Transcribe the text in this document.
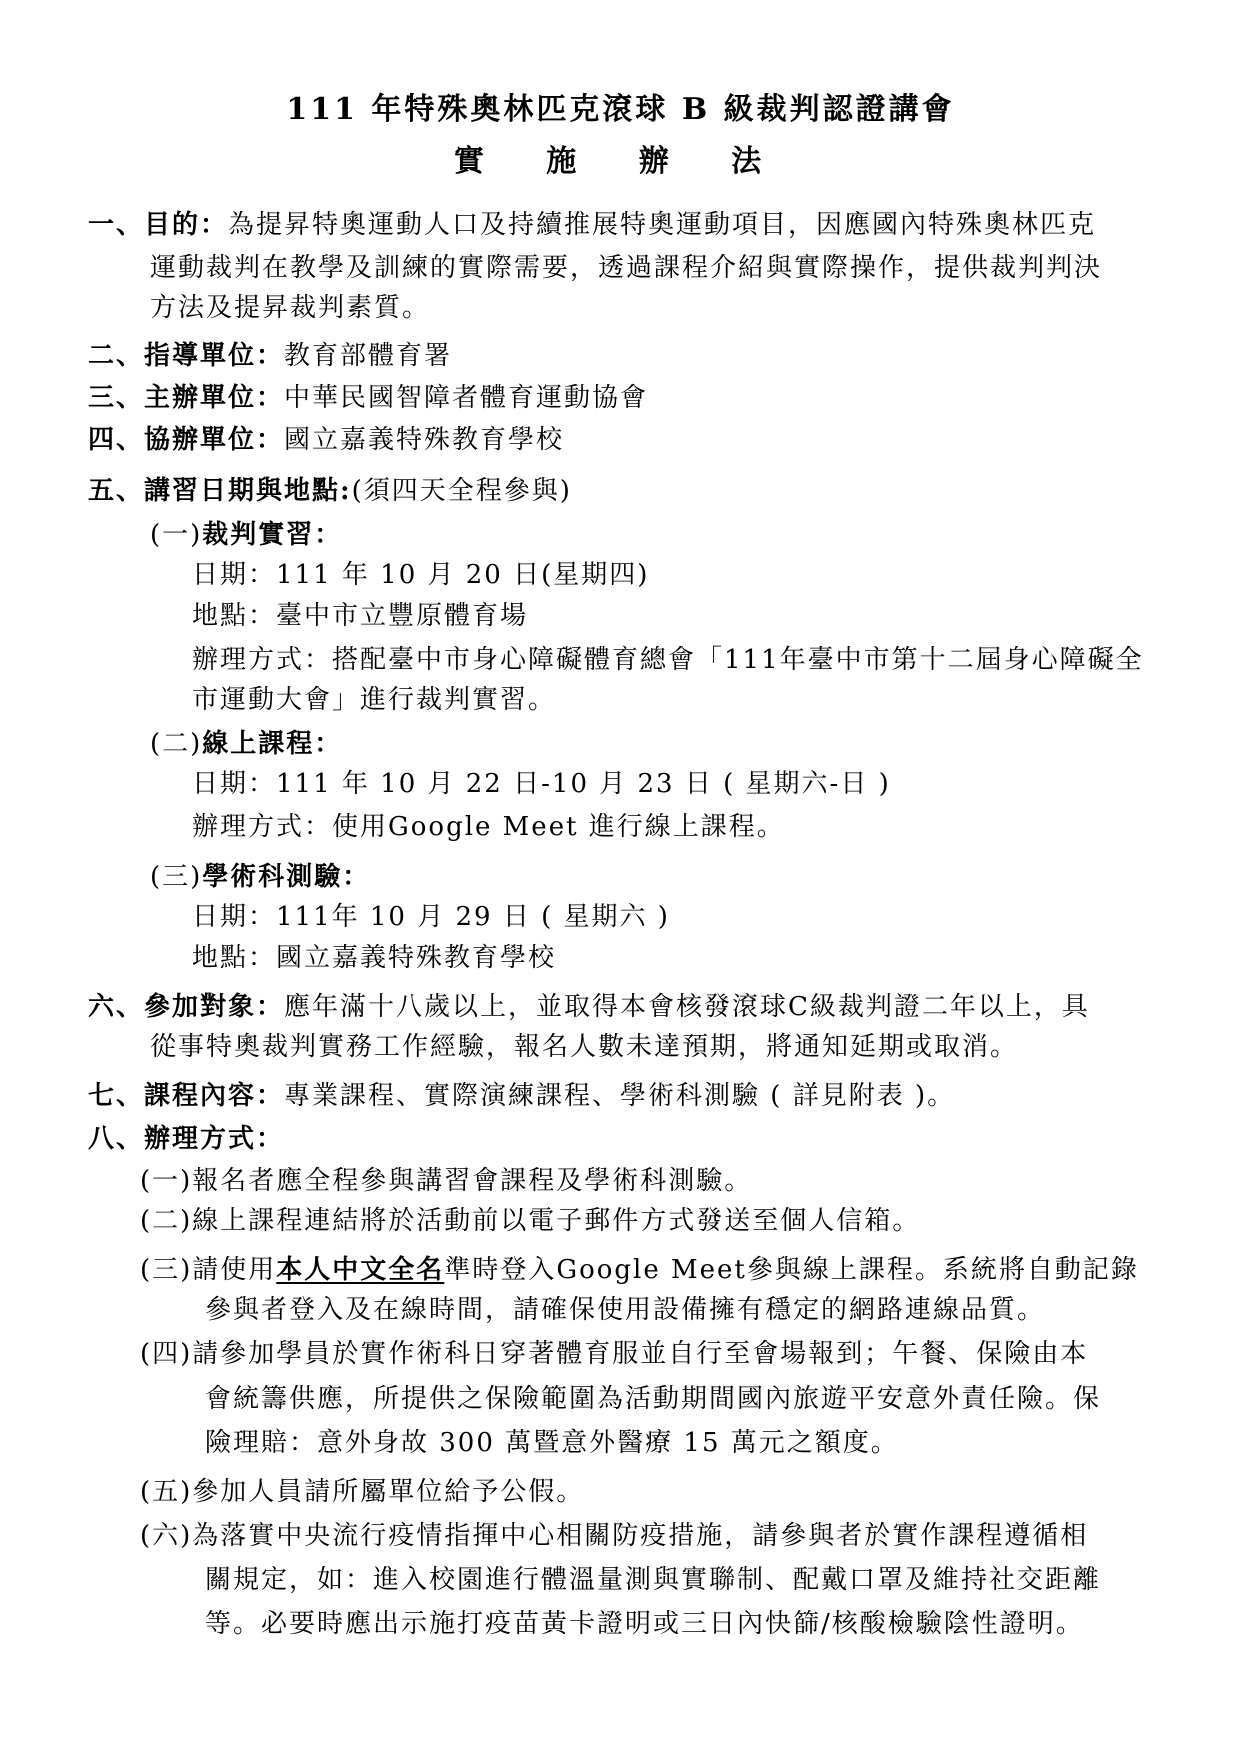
111 年特殊奧林匹克滾球 B 級裁判認證講會
實 施 辦 法
一、目的：為提昇特奧運動人口及持續推展特奧運動項目，因應國內特殊奧林匹克
運動裁判在教學及訓練的實際需要，透過課程介紹與實際操作，提供裁判判決
方法及提昇裁判素質。
二、指導單位：教育部體育署
三、主辦單位：中華民國智障者體育運動協會
四、協辦單位：國立嘉義特殊教育學校
五、講習日期與地點:(須四天全程參與)
(一)裁判實習：
日期：111 年 10 月 20 日(星期四)
地點：臺中市立豐原體育場
辦理方式：搭配臺中市身心障礙體育總會「111年臺中市第十二屆身心障礙全
市運動大會」進行裁判實習。
(二)線上課程：
日期：111 年 10 月 22 日-10 月 23 日 ( 星期六-日 )
辦理方式：使用Google Meet 進行線上課程。
(三)學術科測驗：
日期：111年 10 月 29 日 ( 星期六 )
地點：國立嘉義特殊教育學校
六、參加對象：應年滿十八歲以上，並取得本會核發滾球C級裁判證二年以上，具
從事特奧裁判實務工作經驗，報名人數未達預期，將通知延期或取消。
七、課程內容：專業課程、實際演練課程、學術科測驗 ( 詳見附表 )。
八、辦理方式：
(一)報名者應全程參與講習會課程及學術科測驗。
(二)線上課程連結將於活動前以電子郵件方式發送至個人信箱。
(三)請使用本人中文全名準時登入Google Meet參與線上課程。系統將自動記錄
參與者登入及在線時間，請確保使用設備擁有穩定的網路連線品質。
(四)請參加學員於實作術科日穿著體育服並自行至會場報到；午餐、保險由本
會統籌供應，所提供之保險範圍為活動期間國內旅遊平安意外責任險。保
險理賠：意外身故 300 萬暨意外醫療 15 萬元之額度。
(五)參加人員請所屬單位給予公假。
(六)為落實中央流行疫情指揮中心相關防疫措施，請參與者於實作課程遵循相
關規定，如：進入校園進行體溫量測與實聯制、配戴口罩及維持社交距離
等。必要時應出示施打疫苗黃卡證明或三日內快篩/核酸檢驗陰性證明。
